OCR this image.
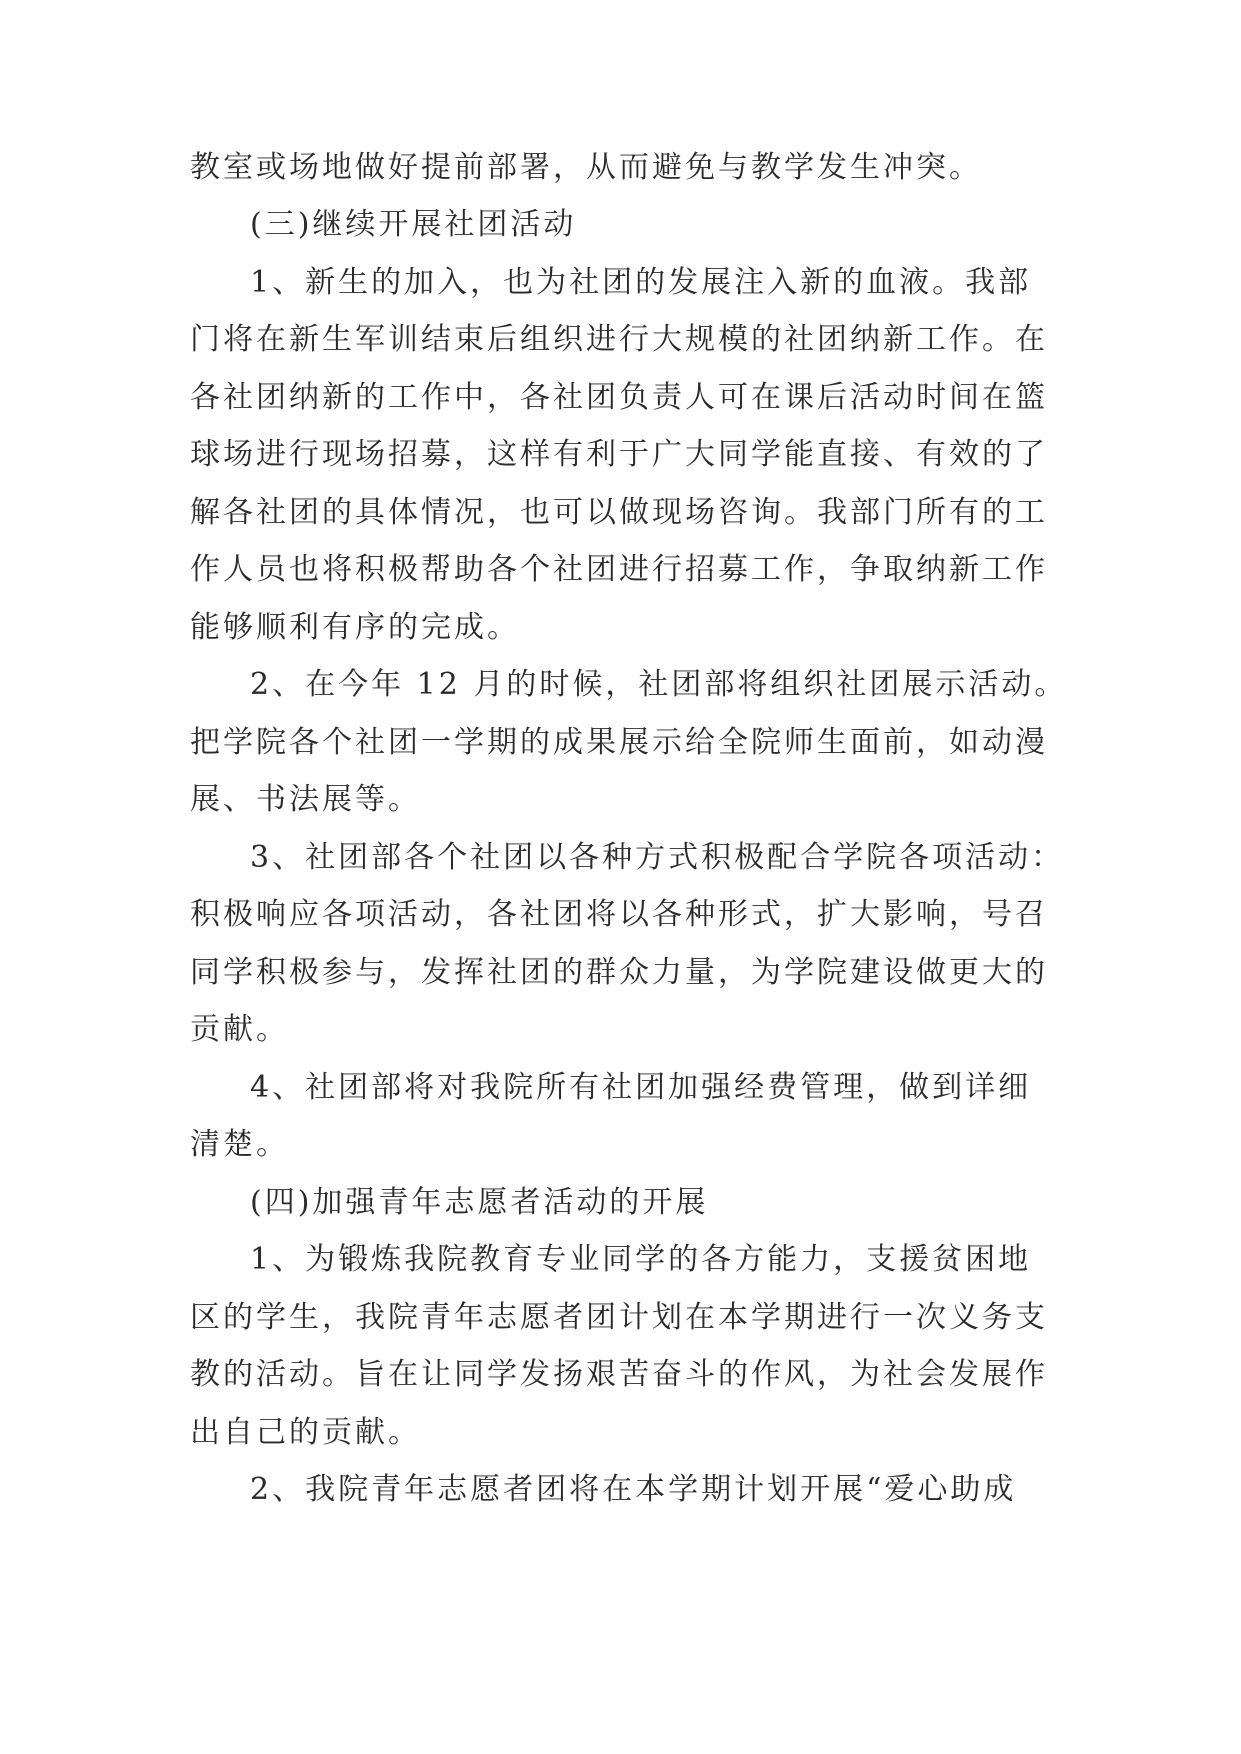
教室或场地做好提前部署，从而避免与教学发生冲突。
(三)继续开展社团活动
1、新生的加入，也为社团的发展注入新的血液。我部
门将在新生军训结束后组织进行大规模的社团纳新工作。在
各社团纳新的工作中，各社团负责人可在课后活动时间在篮
球场进行现场招募，这样有利于广大同学能直接、有效的了
解各社团的具体情况，也可以做现场咨询。我部门所有的工
作人员也将积极帮助各个社团进行招募工作，争取纳新工作
能够顺利有序的完成。
2、在今年 12 月的时候，社团部将组织社团展示活动。
把学院各个社团一学期的成果展示给全院师生面前，如动漫
展、书法展等。
3、社团部各个社团以各种方式积极配合学院各项活动：
积极响应各项活动，各社团将以各种形式，扩大影响，号召
同学积极参与，发挥社团的群众力量，为学院建设做更大的
贡献。
4、社团部将对我院所有社团加强经费管理，做到详细
清楚。
(四)加强青年志愿者活动的开展
1、为锻炼我院教育专业同学的各方能力，支援贫困地
区的学生，我院青年志愿者团计划在本学期进行一次义务支
教的活动。旨在让同学发扬艰苦奋斗的作风，为社会发展作
出自己的贡献。
2、我院青年志愿者团将在本学期计划开展“爱心助成
